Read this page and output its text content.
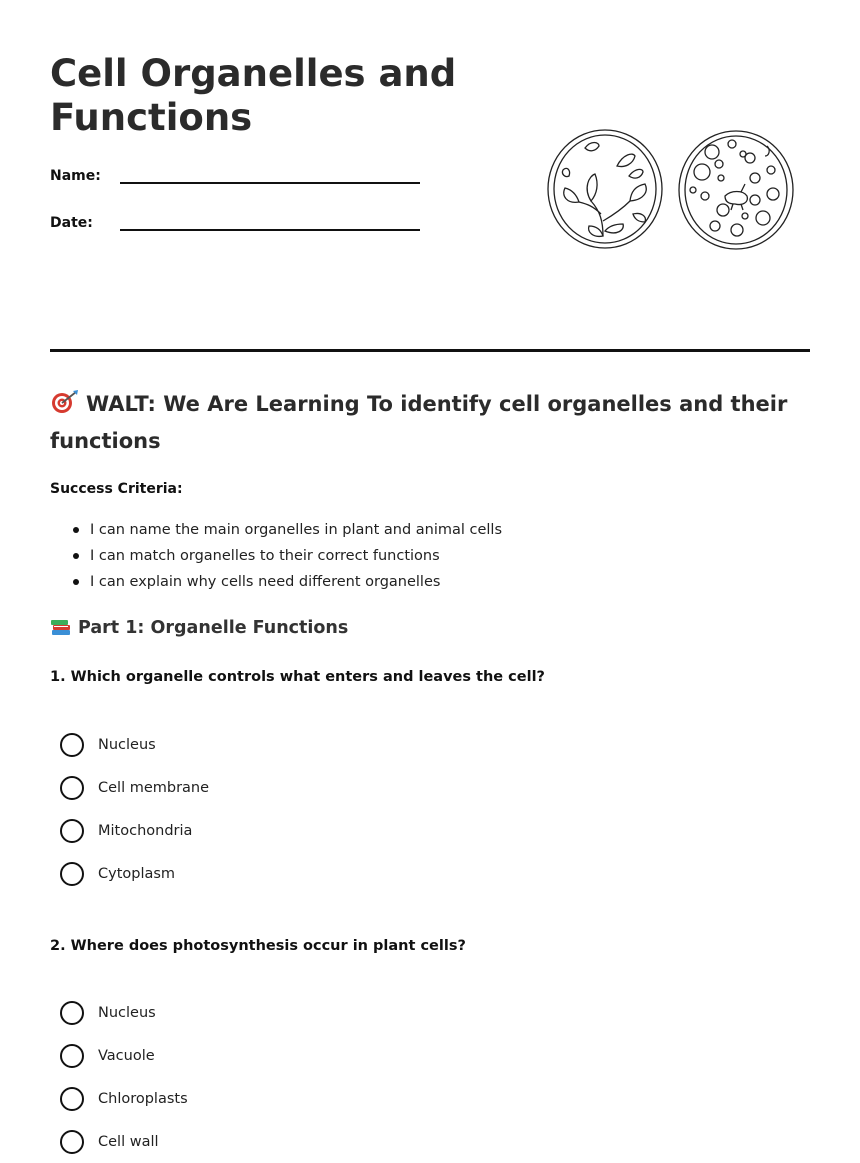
Cell Organelles and Functions
Name:
Date:
WALT: We Are Learning To identify cell organelles and their functions
Success Criteria:
I can name the main organelles in plant and animal cells
I can match organelles to their correct functions
I can explain why cells need different organelles
Part 1: Organelle Functions

1. Which organelle controls what enters and leaves the cell?

Nucleus
Cell membrane
Mitochondria
Cytoplasm

2. Where does photosynthesis occur in plant cells?

Nucleus
Vacuole
Chloroplasts
Cell wall
